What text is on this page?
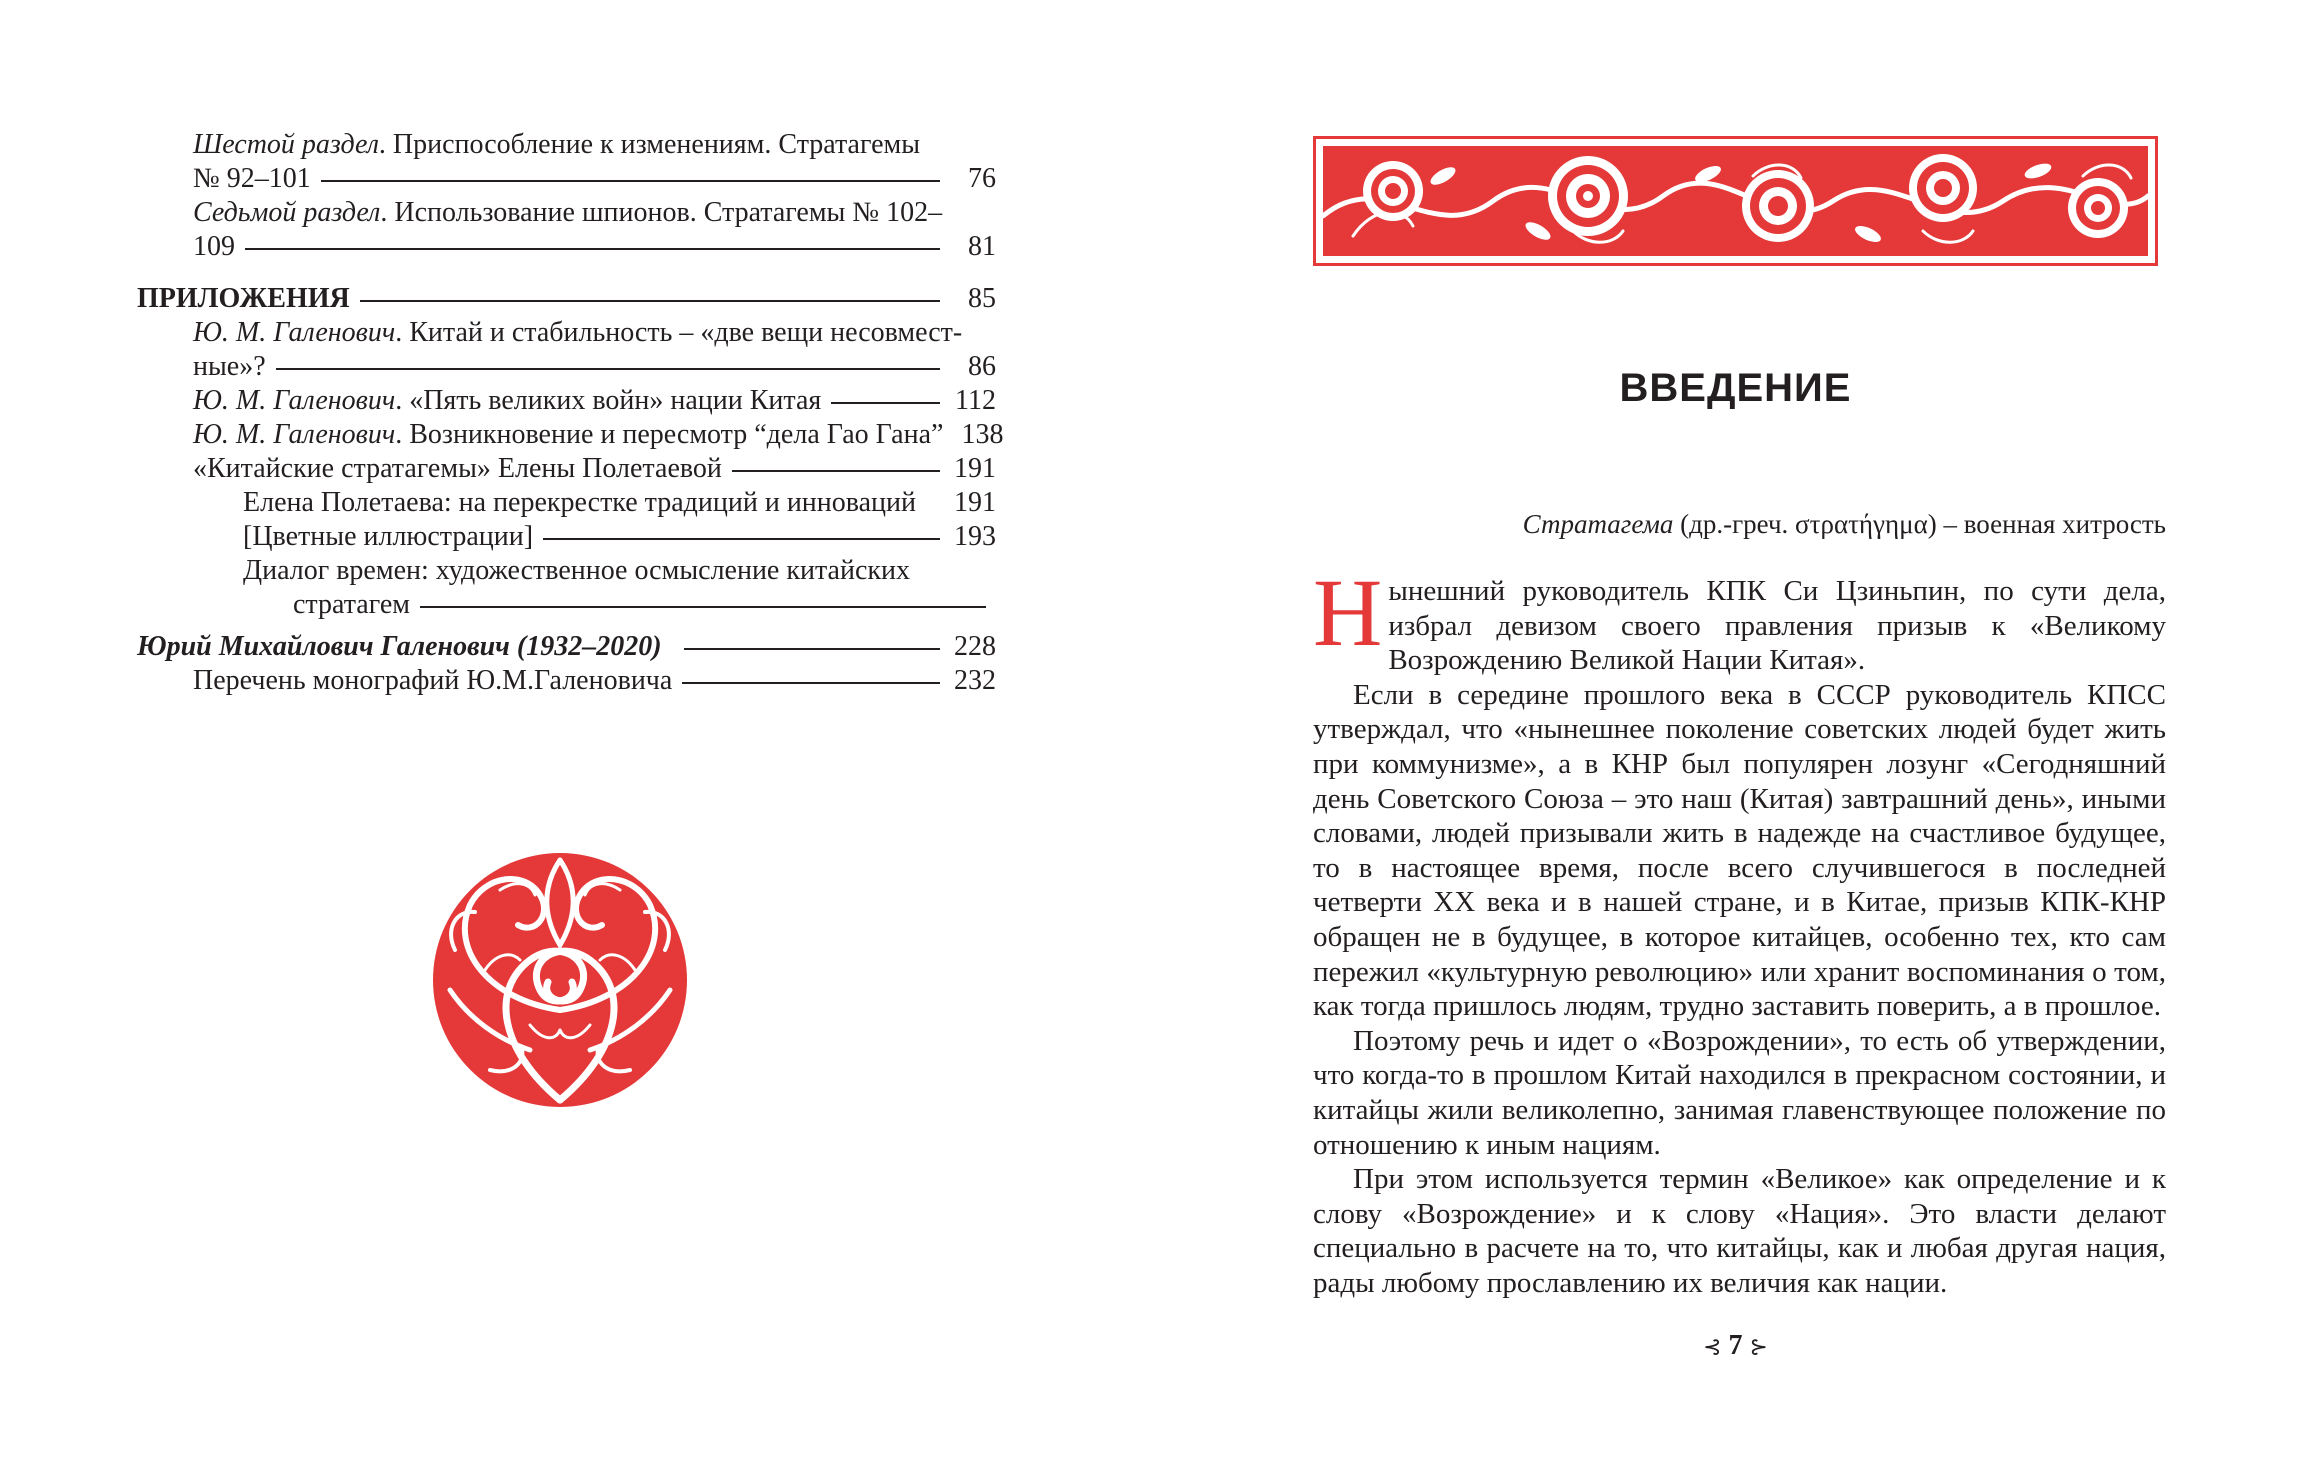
Шестой раздел. Приспособление к изменениям. Стратагемы
№ 92–101	76
Седьмой раздел. Использование шпионов. Стратагемы № 102–
109	81
ПРИЛОЖЕНИЯ	85
Ю. М. Галенович. Китай и стабильность – «две вещи несовмест-
ные»?	86
Ю. М. Галенович. «Пять великих войн» нации Китая	112
Ю. М. Галенович. Возникновение и пересмотр “дела Гао Гана” 138
«Китайские стратагемы» Елены Полетаевой	191
Елена Полетаева: на перекрестке традиций и инноваций 191
[Цветные иллюстрации]	193
Диалог времен: художественное осмысление китайских
стратагем
Юрий Михайлович Галенович (1932–2020)	228
Перечень монографий Ю.М.Галеновича	232
ВВЕДЕНИЕ
Стратагема (др.-греч. στρατήγημα) – военная хитрость

Нынешний руководитель КПК Си Цзиньпин, по сути дела, избрал девизом своего правления призыв к «Великому Возрождению Великой Нации Китая».

Если в середине прошлого века в СССР руководитель КПСС утверждал, что «нынешнее поколение советских людей будет жить при коммунизме», а в КНР был популярен лозунг «Сегодняшний день Советского Союза – это наш (Китая) завтрашний день», иными словами, людей призывали жить в надежде на счастливое будущее, то в настоящее время, после всего случившегося в последней четверти XX века и в нашей стране, и в Китае, призыв КПК-КНР обращен не в будущее, в которое китайцев, особенно тех, кто сам пережил «культурную революцию» или хранит воспоминания о том, как тогда пришлось людям, трудно заставить поверить, а в прошлое.

Поэтому речь и идет о «Возрождении», то есть об утверждении, что когда-то в прошлом Китай находился в прекрасном состоянии, и китайцы жили великолепно, занимая главенствующее положение по отношению к иным нациям.

При этом используется термин «Великое» как определение и к слову «Возрождение» и к слову «Нация». Это власти делают специально в расчете на то, что китайцы, как и любая другая нация, рады любому прославлению их величия как нации.

⊰ 7 ⊱
